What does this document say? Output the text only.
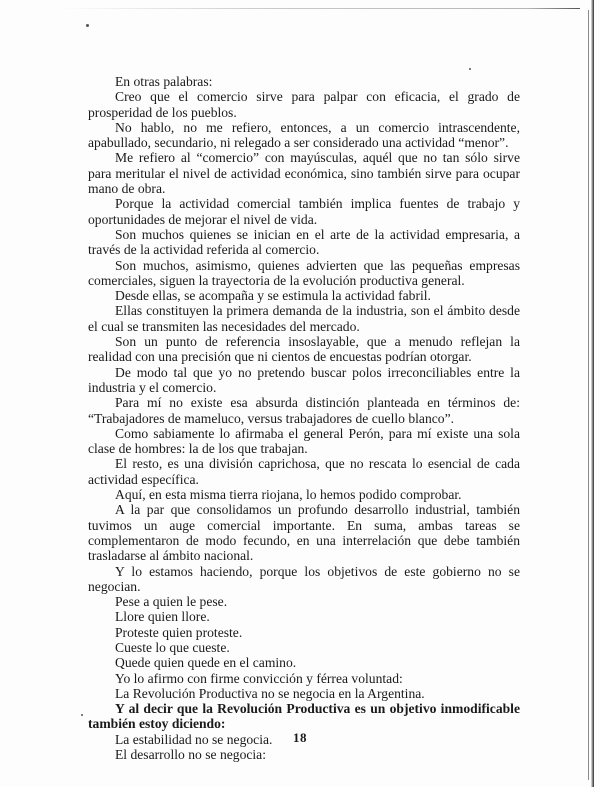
En otras palabras:

Creo que el comercio sirve para palpar con eficacia, el grado de prosperidad de los pueblos.

No hablo, no me refiero, entonces, a un comercio intrascendente, apabullado, secundario, ni relegado a ser considerado una actividad “menor”.

Me refiero al “comercio” con mayúsculas, aquél que no tan sólo sirve para meritular el nivel de actividad económica, sino también sirve para ocupar mano de obra.

Porque la actividad comercial también implica fuentes de trabajo y oportunidades de mejorar el nivel de vida.

Son muchos quienes se inician en el arte de la actividad empresaria, a través de la actividad referida al comercio.

Son muchos, asimismo, quienes advierten que las pequeñas empresas comerciales, siguen la trayectoria de la evolución productiva general.

Desde ellas, se acompaña y se estimula la actividad fabril.

Ellas constituyen la primera demanda de la industria, son el ámbito desde el cual se transmiten las necesidades del mercado.

Son un punto de referencia insoslayable, que a menudo reflejan la realidad con una precisión que ni cientos de encuestas podrían otorgar.

De modo tal que yo no pretendo buscar polos irreconciliables entre la industria y el comercio.

Para mí no existe esa absurda distinción planteada en términos de: “Trabajadores de mameluco, versus trabajadores de cuello blanco”.

Como sabiamente lo afirmaba el general Perón, para mí existe una sola clase de hombres: la de los que trabajan.

El resto, es una división caprichosa, que no rescata lo esencial de cada actividad específica.

Aquí, en esta misma tierra riojana, lo hemos podido comprobar.

A la par que consolidamos un profundo desarrollo industrial, también tuvimos un auge comercial importante. En suma, ambas tareas se complementaron de modo fecundo, en una interrelación que debe también trasladarse al ámbito nacional.

Y lo estamos haciendo, porque los objetivos de este gobierno no se negocian.

Pese a quien le pese.

Llore quien llore.

Proteste quien proteste.

Cueste lo que cueste.

Quede quien quede en el camino.

Yo lo afirmo con firme convicción y férrea voluntad:

La Revolución Productiva no se negocia en la Argentina.

Y al decir que la Revolución Productiva es un objetivo inmodificable también estoy diciendo:

La estabilidad no se negocia.

El desarrollo no se negocia:

18
